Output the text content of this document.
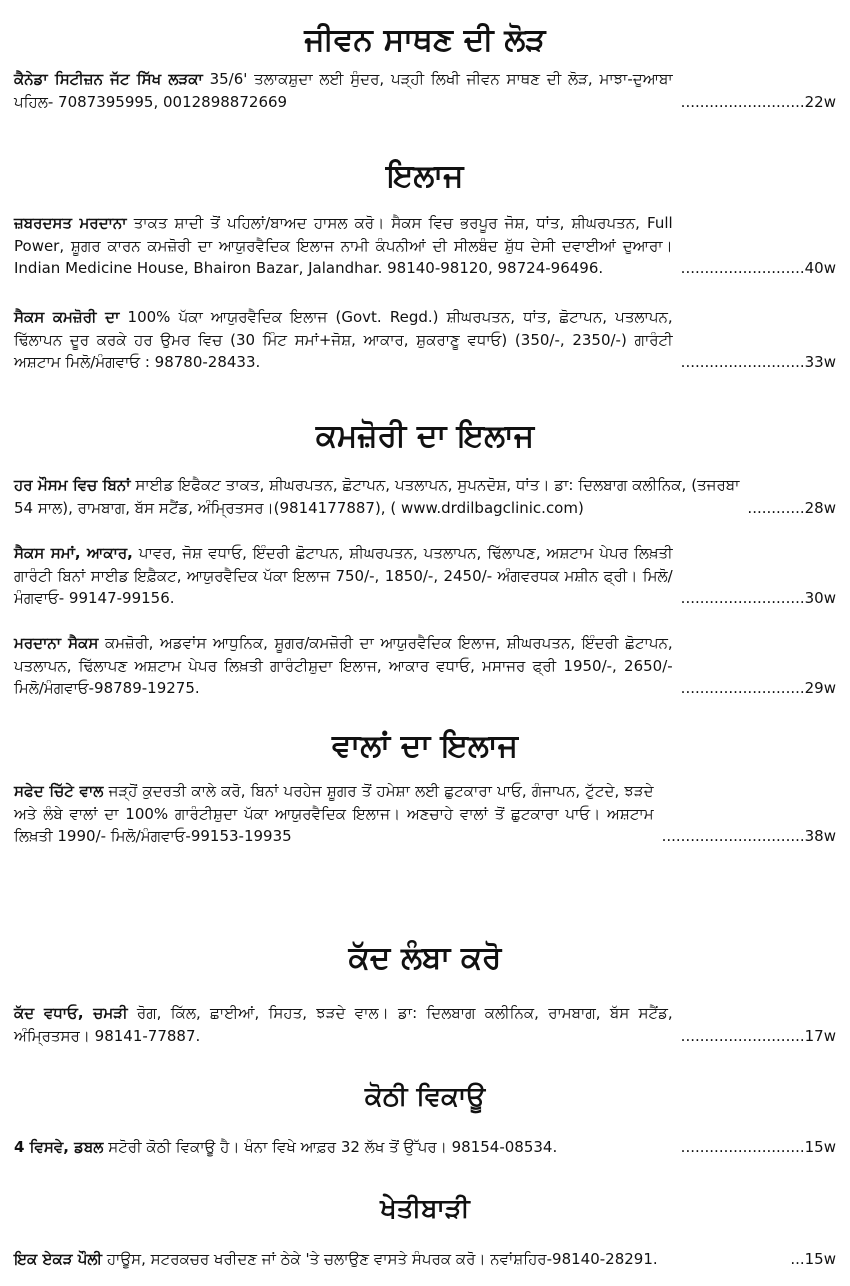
ਜੀਵਨ ਸਾਥਣ ਦੀ ਲੋੜ
..........................22w
ਕੈਨੇਡਾ ਸਿਟੀਜ਼ਨ ਜੱਟ ਸਿੱਖ ਲੜਕਾ 35/6' ਤਲਾਕਸ਼ੁਦਾ ਲਈ ਸੁੰਦਰ, ਪੜ੍ਹੀ ਲਿਖੀ ਜੀਵਨ ਸਾਥਣ ਦੀ ਲੋੜ, ਮਾਝਾ-ਦੁਆਬਾ ਪਹਿਲ- 7087395995, 0012898872669
ਇਲਾਜ
..........................40w
ਜ਼ਬਰਦਸਤ ਮਰਦਾਨਾ ਤਾਕਤ ਸ਼ਾਦੀ ਤੋਂ ਪਹਿਲਾਂ/ਬਾਅਦ ਹਾਸਲ ਕਰੋ। ਸੈਕਸ ਵਿਚ ਭਰਪੂਰ ਜੋਸ਼, ਧਾਂਤ, ਸ਼ੀਘਰਪਤਨ, Full Power, ਸ਼ੂਗਰ ਕਾਰਨ ਕਮਜ਼ੋਰੀ ਦਾ ਆਯੁਰਵੈਦਿਕ ਇਲਾਜ ਨਾਮੀ ਕੰਪਨੀਆਂ ਦੀ ਸੀਲਬੰਦ ਸ਼ੁੱਧ ਦੇਸੀ ਦਵਾਈਆਂ ਦੁਆਰਾ।Indian Medicine House, Bhairon Bazar, Jalandhar. 98140-98120, 98724-96496.
..........................33w
ਸੈਕਸ ਕਮਜ਼ੋਰੀ ਦਾ 100% ਪੱਕਾ ਆਯੁਰਵੈਦਿਕ ਇਲਾਜ (Govt. Regd.) ਸ਼ੀਘਰਪਤਨ, ਧਾਂਤ, ਛੋਟਾਪਨ, ਪਤਲਾਪਨ, ਢਿੱਲਾਪਨ ਦੂਰ ਕਰਕੇ ਹਰ ਉਮਰ ਵਿਚ (30 ਮਿੰਟ ਸਮਾਂ+ਜੋਸ਼, ਆਕਾਰ, ਸ਼ੁਕਰਾਣੂ ਵਧਾਓ) (350/-, 2350/-) ਗਾਰੰਟੀ ਅਸ਼ਟਾਮ ਮਿਲੋ/ਮੰਗਵਾਓ : 98780-28433.
ਕਮਜ਼ੋਰੀ ਦਾ ਇਲਾਜ
............28w
ਹਰ ਮੌਸਮ ਵਿਚ ਬਿਨਾਂ ਸਾਈਡ ਇਫੈਕਟ ਤਾਕਤ, ਸ਼ੀਘਰਪਤਨ, ਛੋਟਾਪਨ, ਪਤਲਾਪਨ, ਸੁਪਨਦੋਸ਼, ਧਾਂਤ। ਡਾ: ਦਿਲਬਾਗ ਕਲੀਨਿਕ, (ਤਜਰਬਾ 54 ਸਾਲ), ਰਾਮਬਾਗ, ਬੱਸ ਸਟੈਂਡ, ਅੰਮ੍ਰਿਤਸਰ।(9814177887), ( www.drdilbagclinic.com)
..........................30w
ਸੈਕਸ ਸਮਾਂ, ਆਕਾਰ, ਪਾਵਰ, ਜੋਸ਼ ਵਧਾਓ, ਇੰਦਰੀ ਛੋਟਾਪਨ, ਸ਼ੀਘਰਪਤਨ, ਪਤਲਾਪਨ, ਢਿੱਲਾਪਣ, ਅਸ਼ਟਾਮ ਪੇਪਰ ਲਿਖ਼ਤੀ ਗਾਰੰਟੀ ਬਿਨਾਂ ਸਾਈਡ ਇਫ਼ੈਕਟ, ਆਯੁਰਵੈਦਿਕ ਪੱਕਾ ਇਲਾਜ 750/-, 1850/-, 2450/- ਅੰਗਵਰਧਕ ਮਸ਼ੀਨ ਫ੍ਰੀ। ਮਿਲੋ/ਮੰਗਵਾਓ- 99147-99156.
..........................29w
ਮਰਦਾਨਾ ਸੈਕਸ ਕਮਜ਼ੋਰੀ, ਅਡਵਾਂਸ ਆਧੁਨਿਕ, ਸ਼ੂਗਰ/ਕਮਜ਼ੋਰੀ ਦਾ ਆਯੁਰਵੈਦਿਕ ਇਲਾਜ, ਸ਼ੀਘਰਪਤਨ, ਇੰਦਰੀ ਛੋਟਾਪਨ, ਪਤਲਾਪਨ, ਢਿੱਲਾਪਣ ਅਸ਼ਟਾਮ ਪੇਪਰ ਲਿਖ਼ਤੀ ਗਾਰੰਟੀਸ਼ੁਦਾ ਇਲਾਜ, ਆਕਾਰ ਵਧਾਓ, ਮਸਾਜਰ ਫ੍ਰੀ 1950/-, 2650/- ਮਿਲੋ/ਮੰਗਵਾਓ-98789-19275.
ਵਾਲਾਂ ਦਾ ਇਲਾਜ
..............................38w
ਸਫੇਦ ਚਿੱਟੇ ਵਾਲ ਜੜ੍ਹੋਂ ਕੁਦਰਤੀ ਕਾਲੇ ਕਰੋ, ਬਿਨਾਂ ਪਰਹੇਜ ਸ਼ੂਗਰ ਤੋਂ ਹਮੇਸ਼ਾ ਲਈ ਛੁਟਕਾਰਾ ਪਾਓ, ਗੰਜਾਪਨ, ਟੁੱਟਦੇ, ਝੜਦੇ ਅਤੇ ਲੰਬੇ ਵਾਲਾਂ ਦਾ 100% ਗਾਰੰਟੀਸ਼ੁਦਾ ਪੱਕਾ ਆਯੁਰਵੈਦਿਕ ਇਲਾਜ। ਅਣਚਾਹੇ ਵਾਲਾਂ ਤੋਂ ਛੁਟਕਾਰਾ ਪਾਓ। ਅਸ਼ਟਾਮ ਲਿਖ਼ਤੀ 1990/- ਮਿਲੋ/ਮੰਗਵਾਓ-99153-19935
ਕੱਦ ਲੰਬਾ ਕਰੋ
..........................17w
ਕੱਦ ਵਧਾਓ, ਚਮੜੀ ਰੋਗ, ਕਿੱਲ, ਛਾਈਆਂ, ਸਿਹਤ, ਝੜਦੇ ਵਾਲ। ਡਾ: ਦਿਲਬਾਗ ਕਲੀਨਿਕ, ਰਾਮਬਾਗ, ਬੱਸ ਸਟੈਂਡ, ਅੰਮ੍ਰਿਤਸਰ। 98141-77887.
ਕੋਠੀ ਵਿਕਾਊ
..........................15w
4 ਵਿਸਵੇ, ਡਬਲ ਸਟੋਰੀ ਕੋਠੀ ਵਿਕਾਊ ਹੈ। ਖੰਨਾ ਵਿਖੇ ਆਫ਼ਰ 32 ਲੱਖ ਤੋਂ ਉੱਪਰ। 98154-08534.
ਖੇਤੀਬਾੜੀ
...15w
ਇਕ ਏਕੜ ਪੌਲੀ ਹਾਊਸ, ਸਟਰਕਚਰ ਖਰੀਦਣ ਜਾਂ ਠੇਕੇ 'ਤੇ ਚਲਾਉਣ ਵਾਸਤੇ ਸੰਪਰਕ ਕਰੋ। ਨਵਾਂਸ਼ਹਿਰ-98140-28291.
